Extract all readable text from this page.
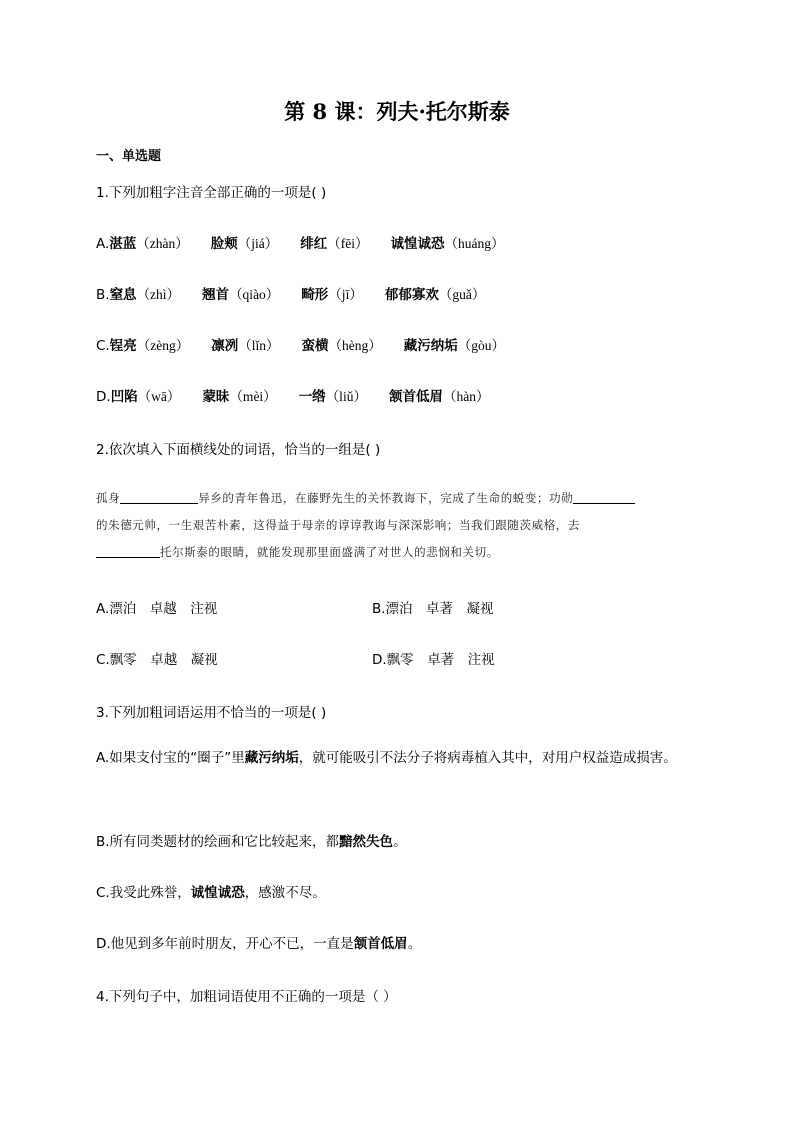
第 8 课：列夫·托尔斯泰
一、单选题
1.下列加粗字注音全部正确的一项是( )
A.湛蓝（zhàn） 脸颊（jiá） 绯红（fēi） 诚惶诚恐（huáng）
B.窒息（zhì） 翘首（qiào） 畸形（jī） 郁郁寡欢（guǎ）
C.锃亮（zèng） 凛冽（lǐn） 蛮横（hèng） 藏污纳垢（gòu）
D.凹陷（wā） 蒙昧（mèi） 一绺（liǔ） 颔首低眉（hàn）
2.依次填入下面横线处的词语，恰当的一组是( )
孤身	异乡的青年鲁迅，在藤野先生的关怀教诲下，完成了生命的蜕变；功勋
的朱德元帅，一生艰苦朴素，这得益于母亲的谆谆教诲与深深影响；当我们跟随茨威格，去
托尔斯泰的眼睛，就能发现那里面盛满了对世人的悲悯和关切。
A.漂泊　卓越　注视	B.漂泊　卓著　凝视
C.飘零　卓越　凝视	D.飘零　卓著　注视
3.下列加粗词语运用不恰当的一项是( )
A.如果支付宝的“圈子”里藏污纳垢，就可能吸引不法分子将病毒植入其中，对用户权益造成损害。
B.所有同类题材的绘画和它比较起来，都黯然失色。
C.我受此殊誉，诚惶诚恐，感激不尽。
D.他见到多年前时朋友，开心不已，一直是颔首低眉。
4.下列句子中，加粗词语使用不正确的一项是（ ）
